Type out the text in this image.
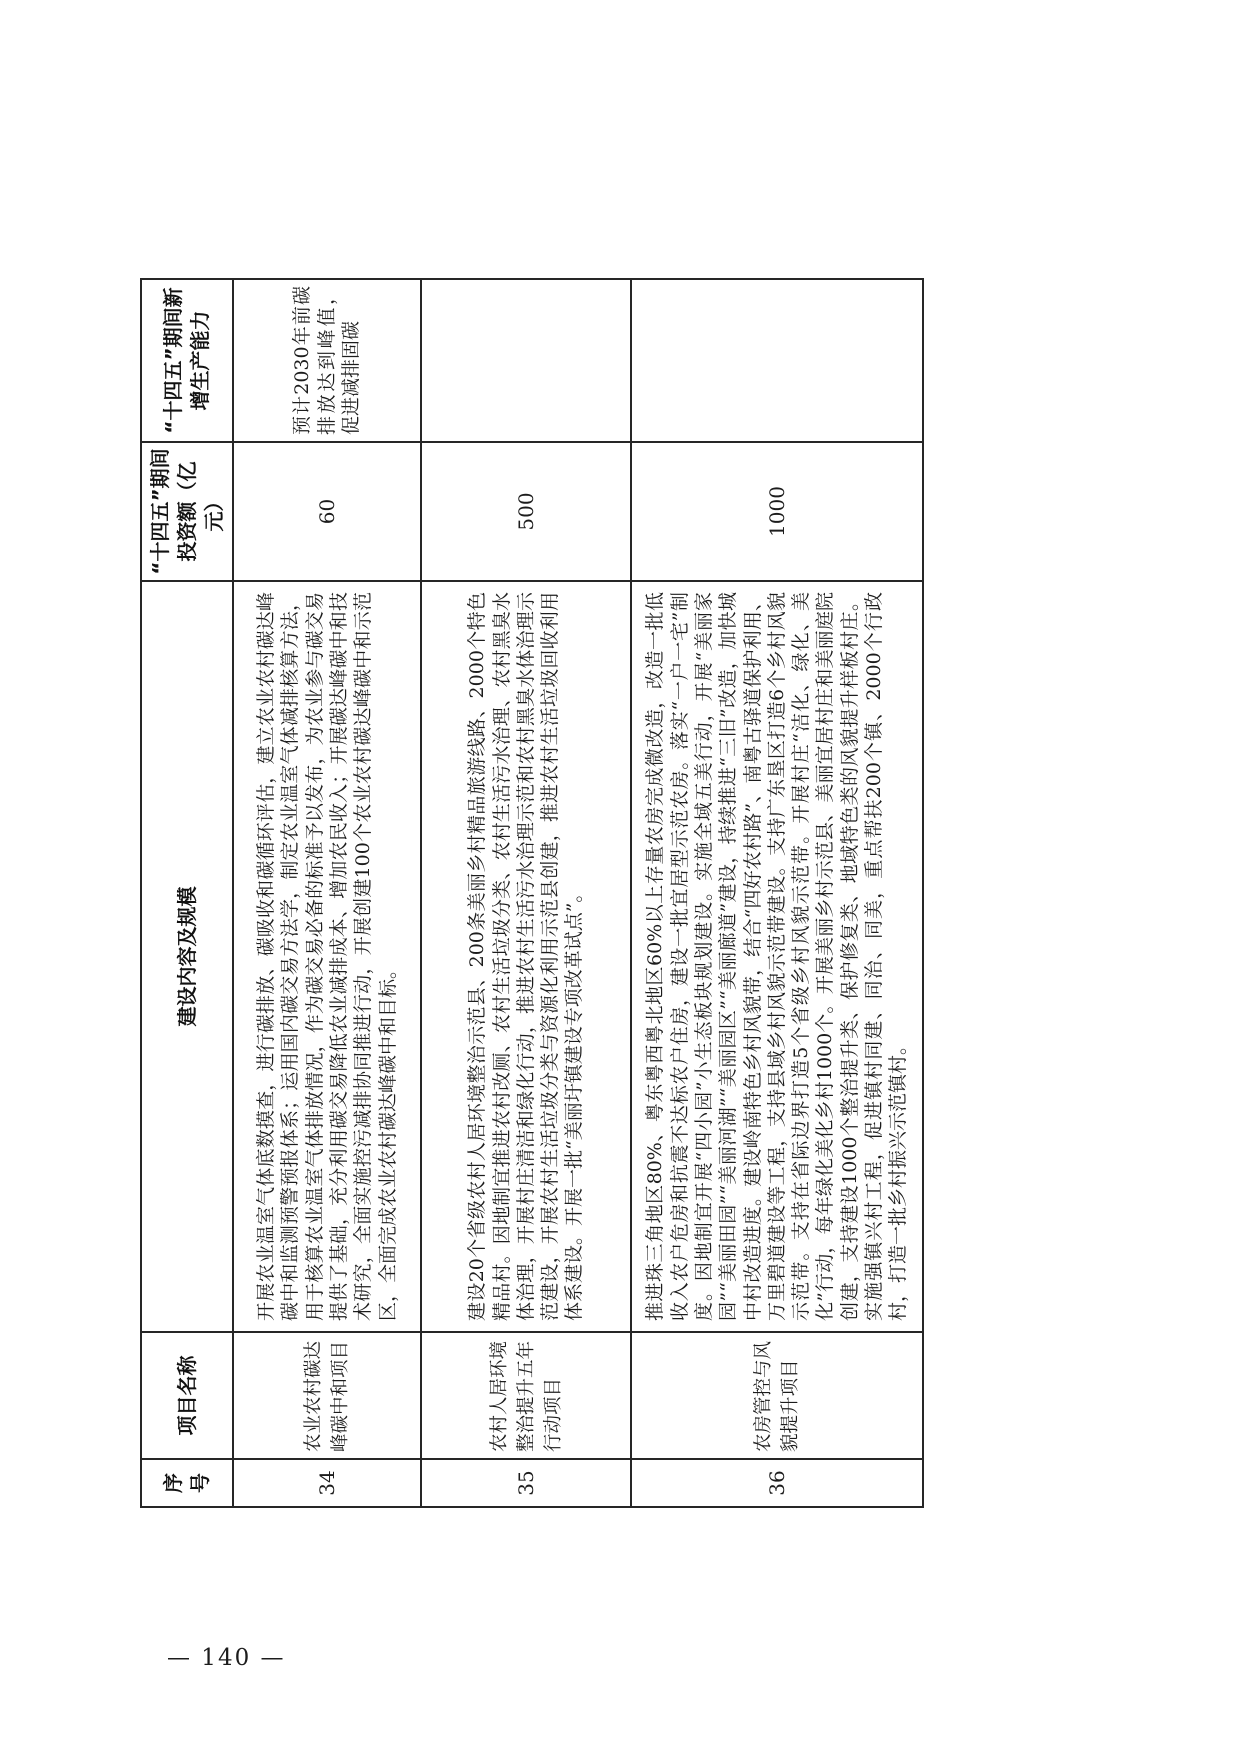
序号	项目名称	建设内容及规模	“十四五”期间投资额（亿元）	“十四五”期间新增生产能力
34	农业农村碳达峰碳中和项目	开展农业温室气体底数摸查，进行碳排放、碳吸收和碳循环评估，建立农业农村碳达峰碳中和监测预警预报体系；运用国内碳交易方法学，制定农业温室气体减排核算方法，用于核算农业温室气体排放情况，作为碳交易必备的标准予以发布，为农业参与碳交易提供了基础，充分利用碳交易降低农业减排成本、增加农民收入；开展碳达峰碳中和技术研究，全面实施控污减排协同推进行动，开展创建100个农业农村碳达峰碳中和示范区，全面完成农业农村碳达峰碳中和目标。	60	预计2030年前碳排放达到峰值，促进减排固碳
35	农村人居环境整治提升五年行动项目	建设20个省级农村人居环境整治示范县、200条美丽乡村精品旅游线路、2000个特色精品村。因地制宜推进农村改厕、农村生活垃圾分类、农村生活污水治理、农村黑臭水体治理，开展村庄清洁和绿化行动，推进农村生活污水治理示范和农村黑臭水体治理示范建设，开展农村生活垃圾分类与资源化利用示范县创建，推进农村生活垃圾回收利用体系建设。开展一批“美丽圩镇建设专项改革试点”。	500	
36	农房管控与风貌提升项目	推进珠三角地区80%、粤东粤西粤北地区60%以上存量农房完成微改造，改造一批低收入农户危房和抗震不达标农户住房，建设一批宜居型示范农房。落实“一户一宅”制度。因地制宜开展“四小园”小生态板块规划建设。实施全域五美行动，开展“美丽家园”“美丽田园”“美丽河湖”“美丽园区”“美丽廊道”建设，持续推进“三旧”改造，加快城中村改造进度。建设岭南特色乡村风貌带，结合“四好农村路”、南粤古驿道保护利用、万里碧道建设等工程，支持县域乡村风貌示范带建设。支持广东垦区打造6个乡村风貌示范带。支持在省际边界打造5个省级乡村风貌示范带。开展村庄“洁化、绿化、美化”行动，每年绿化美化乡村1000个。开展美丽乡村示范县、美丽宜居村庄和美丽庭院创建，支持建设1000个整治提升类、保护修复类、地域特色类的风貌提升样板村庄。实施强镇兴村工程，促进镇村同建、同治、同美，重点帮扶200个镇、2000个行政村，打造一批乡村振兴示范镇村。	1000	
— 140 —
